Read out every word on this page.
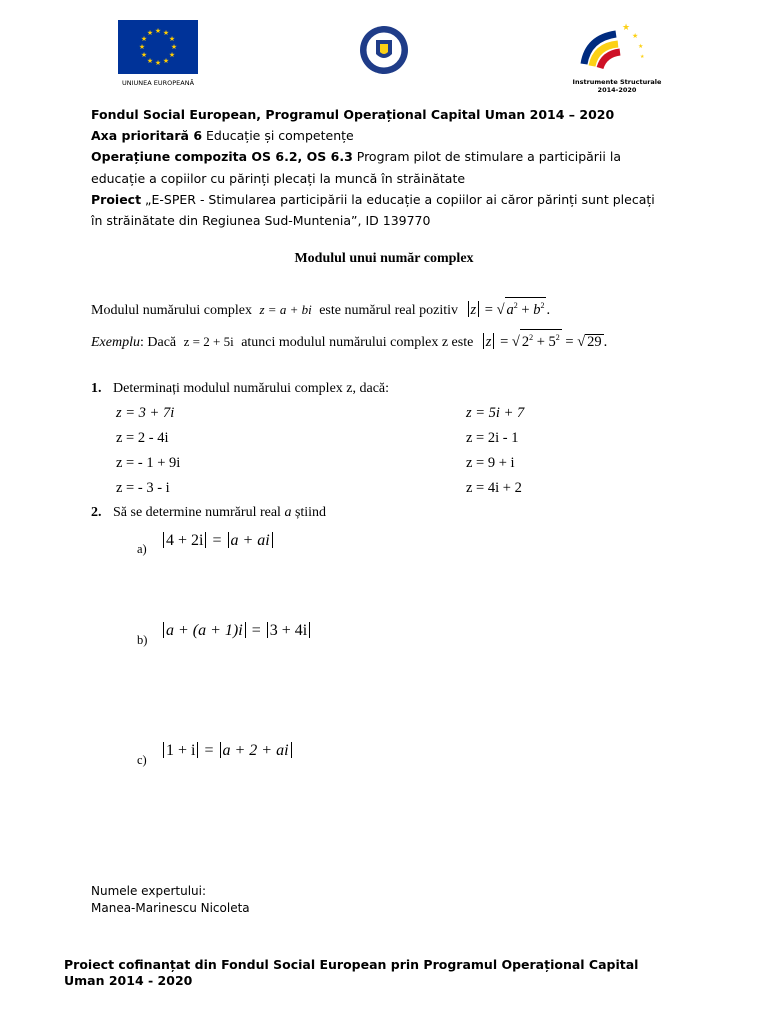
★ ★
★
★
★
★
★
★
★
★
★
★
UNIUNEA EUROPEANĂ
★
★
★
★
Instrumente Structurale
2014-2020
Fondul Social European, Programul Operațional Capital Uman 2014 – 2020
Axa prioritară 6 Educație și competențe
Operațiune compozita OS 6.2, OS 6.3 Program pilot de stimulare a participării la
educație a copiilor cu părinți plecați la muncă în străinătate
Proiect „E-SPER - Stimularea participării la educație a copiilor ai căror părinți sunt plecați
în străinătate din Regiunea Sud-Muntenia”, ID 139770
Modulul unui număr complex
Modulul numărului complex z = a + bi este numărul real pozitiv z = √ $a^2 + b^2$ .
Exemplu: Dacă z = 2 + 5i atunci modulul numărului complex z este z = √ $2^2 + 5^2$ = √ 29 .
1. Determinați modulul numărului complex z, dacă:
z = 3 + 7i
z = 2 - 4i
z = - 1 + 9i
z = - 3 - i
z = 5i + 7
z = 2i - 1
z = 9 + i
z = 4i + 2
2. Să se determine numrărul real a știind
a)	4 + 2i = a + ai
b)
a + (a + 1)i = 3 + 4i
c)
1 + i = a + 2 + ai
Numele expertului:
Manea-Marinescu Nicoleta
Proiect cofinanțat din Fondul Social European prin Programul Operațional Capital
Uman 2014 - 2020
